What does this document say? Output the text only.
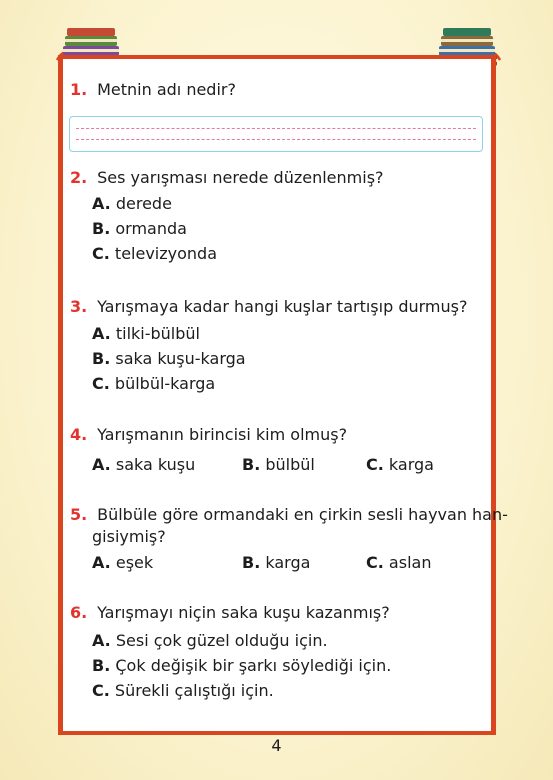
1. Metnin adı nedir?
2. Ses yarışması nerede düzenlenmiş?
A. derede
B. ormanda
C. televizyonda
3. Yarışmaya kadar hangi kuşlar tartışıp durmuş?
A. tilki-bülbül
B. saka kuşu-karga
C. bülbül-karga
4. Yarışmanın birincisi kim olmuş?
A. saka kuşu	B. bülbül	C. karga
5. Bülbüle göre ormandaki en çirkin sesli hayvan han-
gisiymiş?
A. eşek	B. karga	C. aslan
6. Yarışmayı niçin saka kuşu kazanmış?
A. Sesi çok güzel olduğu için.
B. Çok değişik bir şarkı söylediği için.
C. Sürekli çalıştığı için.
4
